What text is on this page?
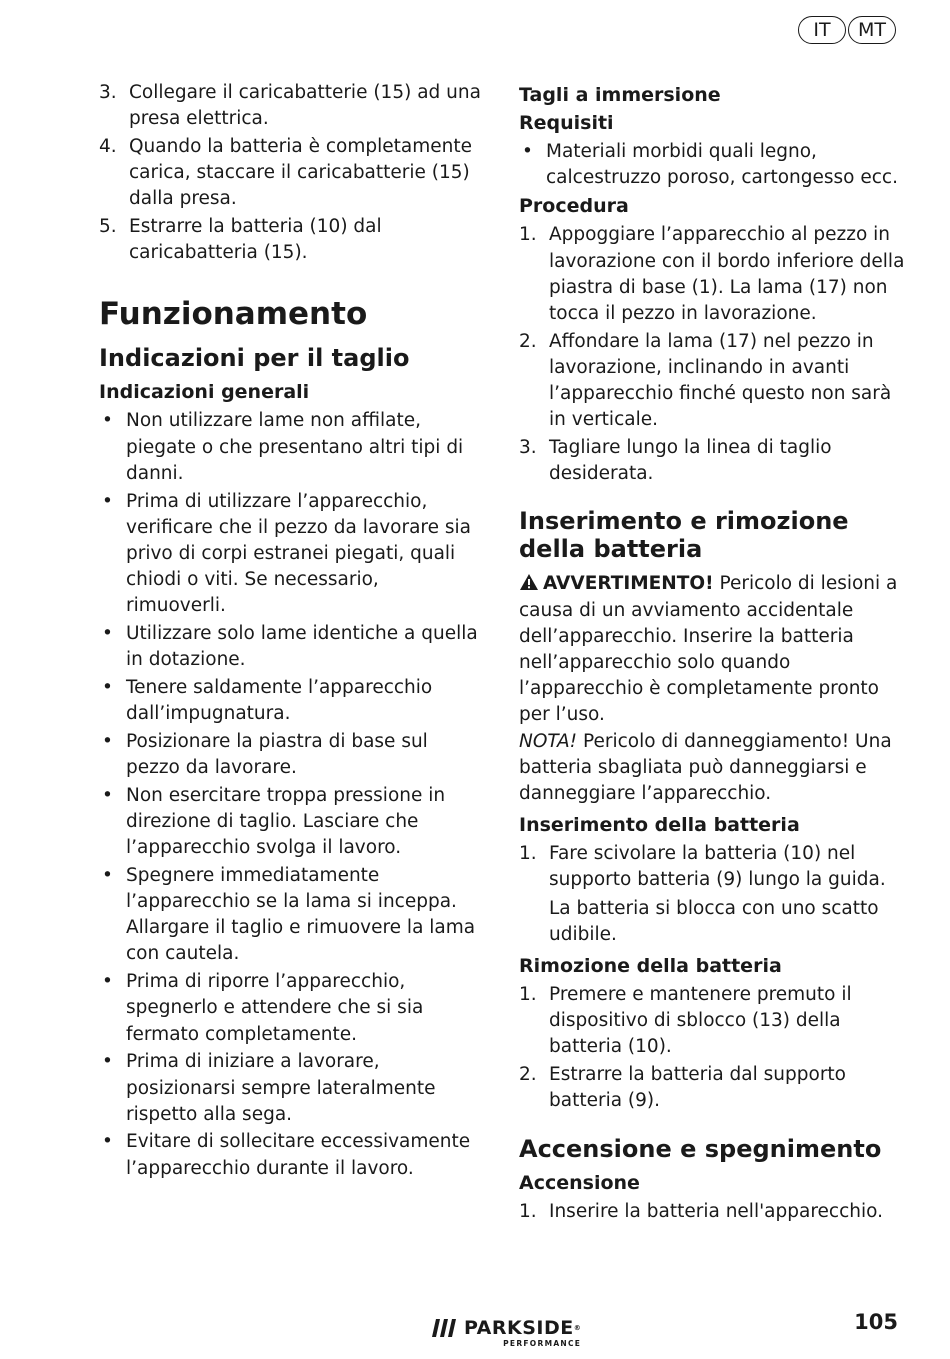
IT	MT
3. Collegare il caricabatterie (15) ad una presa elettrica.
4. Quando la batteria è completamente carica, staccare il caricabatterie (15) dalla presa.
5. Estrarre la batteria (10) dal caricabatteria (15).
Funzionamento
Indicazioni per il taglio
Indicazioni generali
• Non utilizzare lame non affilate, piegate o che presentano altri tipi di danni.
• Prima di utilizzare l’apparecchio, verificare che il pezzo da lavorare sia privo di corpi estranei piegati, quali chiodi o viti. Se necessario, rimuoverli.
• Utilizzare solo lame identiche a quella in dotazione.
• Tenere saldamente l’apparecchio dall’impugnatura.
• Posizionare la piastra di base sul pezzo da lavorare.
• Non esercitare troppa pressione in direzione di taglio. Lasciare che l’apparecchio svolga il lavoro.
• Spegnere immediatamente l’apparecchio se la lama si inceppa. Allargare il taglio e rimuovere la lama con cautela.
• Prima di riporre l’apparecchio, spegnerlo e attendere che si sia fermato completamente.
• Prima di iniziare a lavorare, posizionarsi sempre lateralmente rispetto alla sega.
• Evitare di sollecitare eccessivamente l’apparecchio durante il lavoro.
Tagli a immersione
Requisiti
• Materiali morbidi quali legno, calcestruzzo poroso, cartongesso ecc.
Procedura
1. Appoggiare l’apparecchio al pezzo in lavorazione con il bordo inferiore della piastra di base (1). La lama (17) non tocca il pezzo in lavorazione.
2. Affondare la lama (17) nel pezzo in lavorazione, inclinando in avanti l’apparecchio finché questo non sarà in verticale.
3. Tagliare lungo la linea di taglio desiderata.
Inserimento e rimozione della batteria

AVVERTIMENTO! Pericolo di lesioni a causa di un avviamento accidentale dell’apparecchio. Inserire la batteria nell’apparecchio solo quando l’apparecchio è completamente pronto per l’uso.

NOTA! Pericolo di danneggiamento! Una batteria sbagliata può danneggiarsi e danneggiare l’apparecchio.

Inserimento della batteria
1. Fare scivolare la batteria (10) nel supporto batteria (9) lungo la guida.
La batteria si blocca con uno scatto udibile.
Rimozione della batteria
1. Premere e mantenere premuto il dispositivo di sblocco (13) della batteria (10).
2. Estrarre la batteria dal supporto batteria (9).
Accensione e spegnimento
Accensione
1. Inserire la batteria nell'apparecchio.
PARKSIDE®
PERFORMANCE
105
